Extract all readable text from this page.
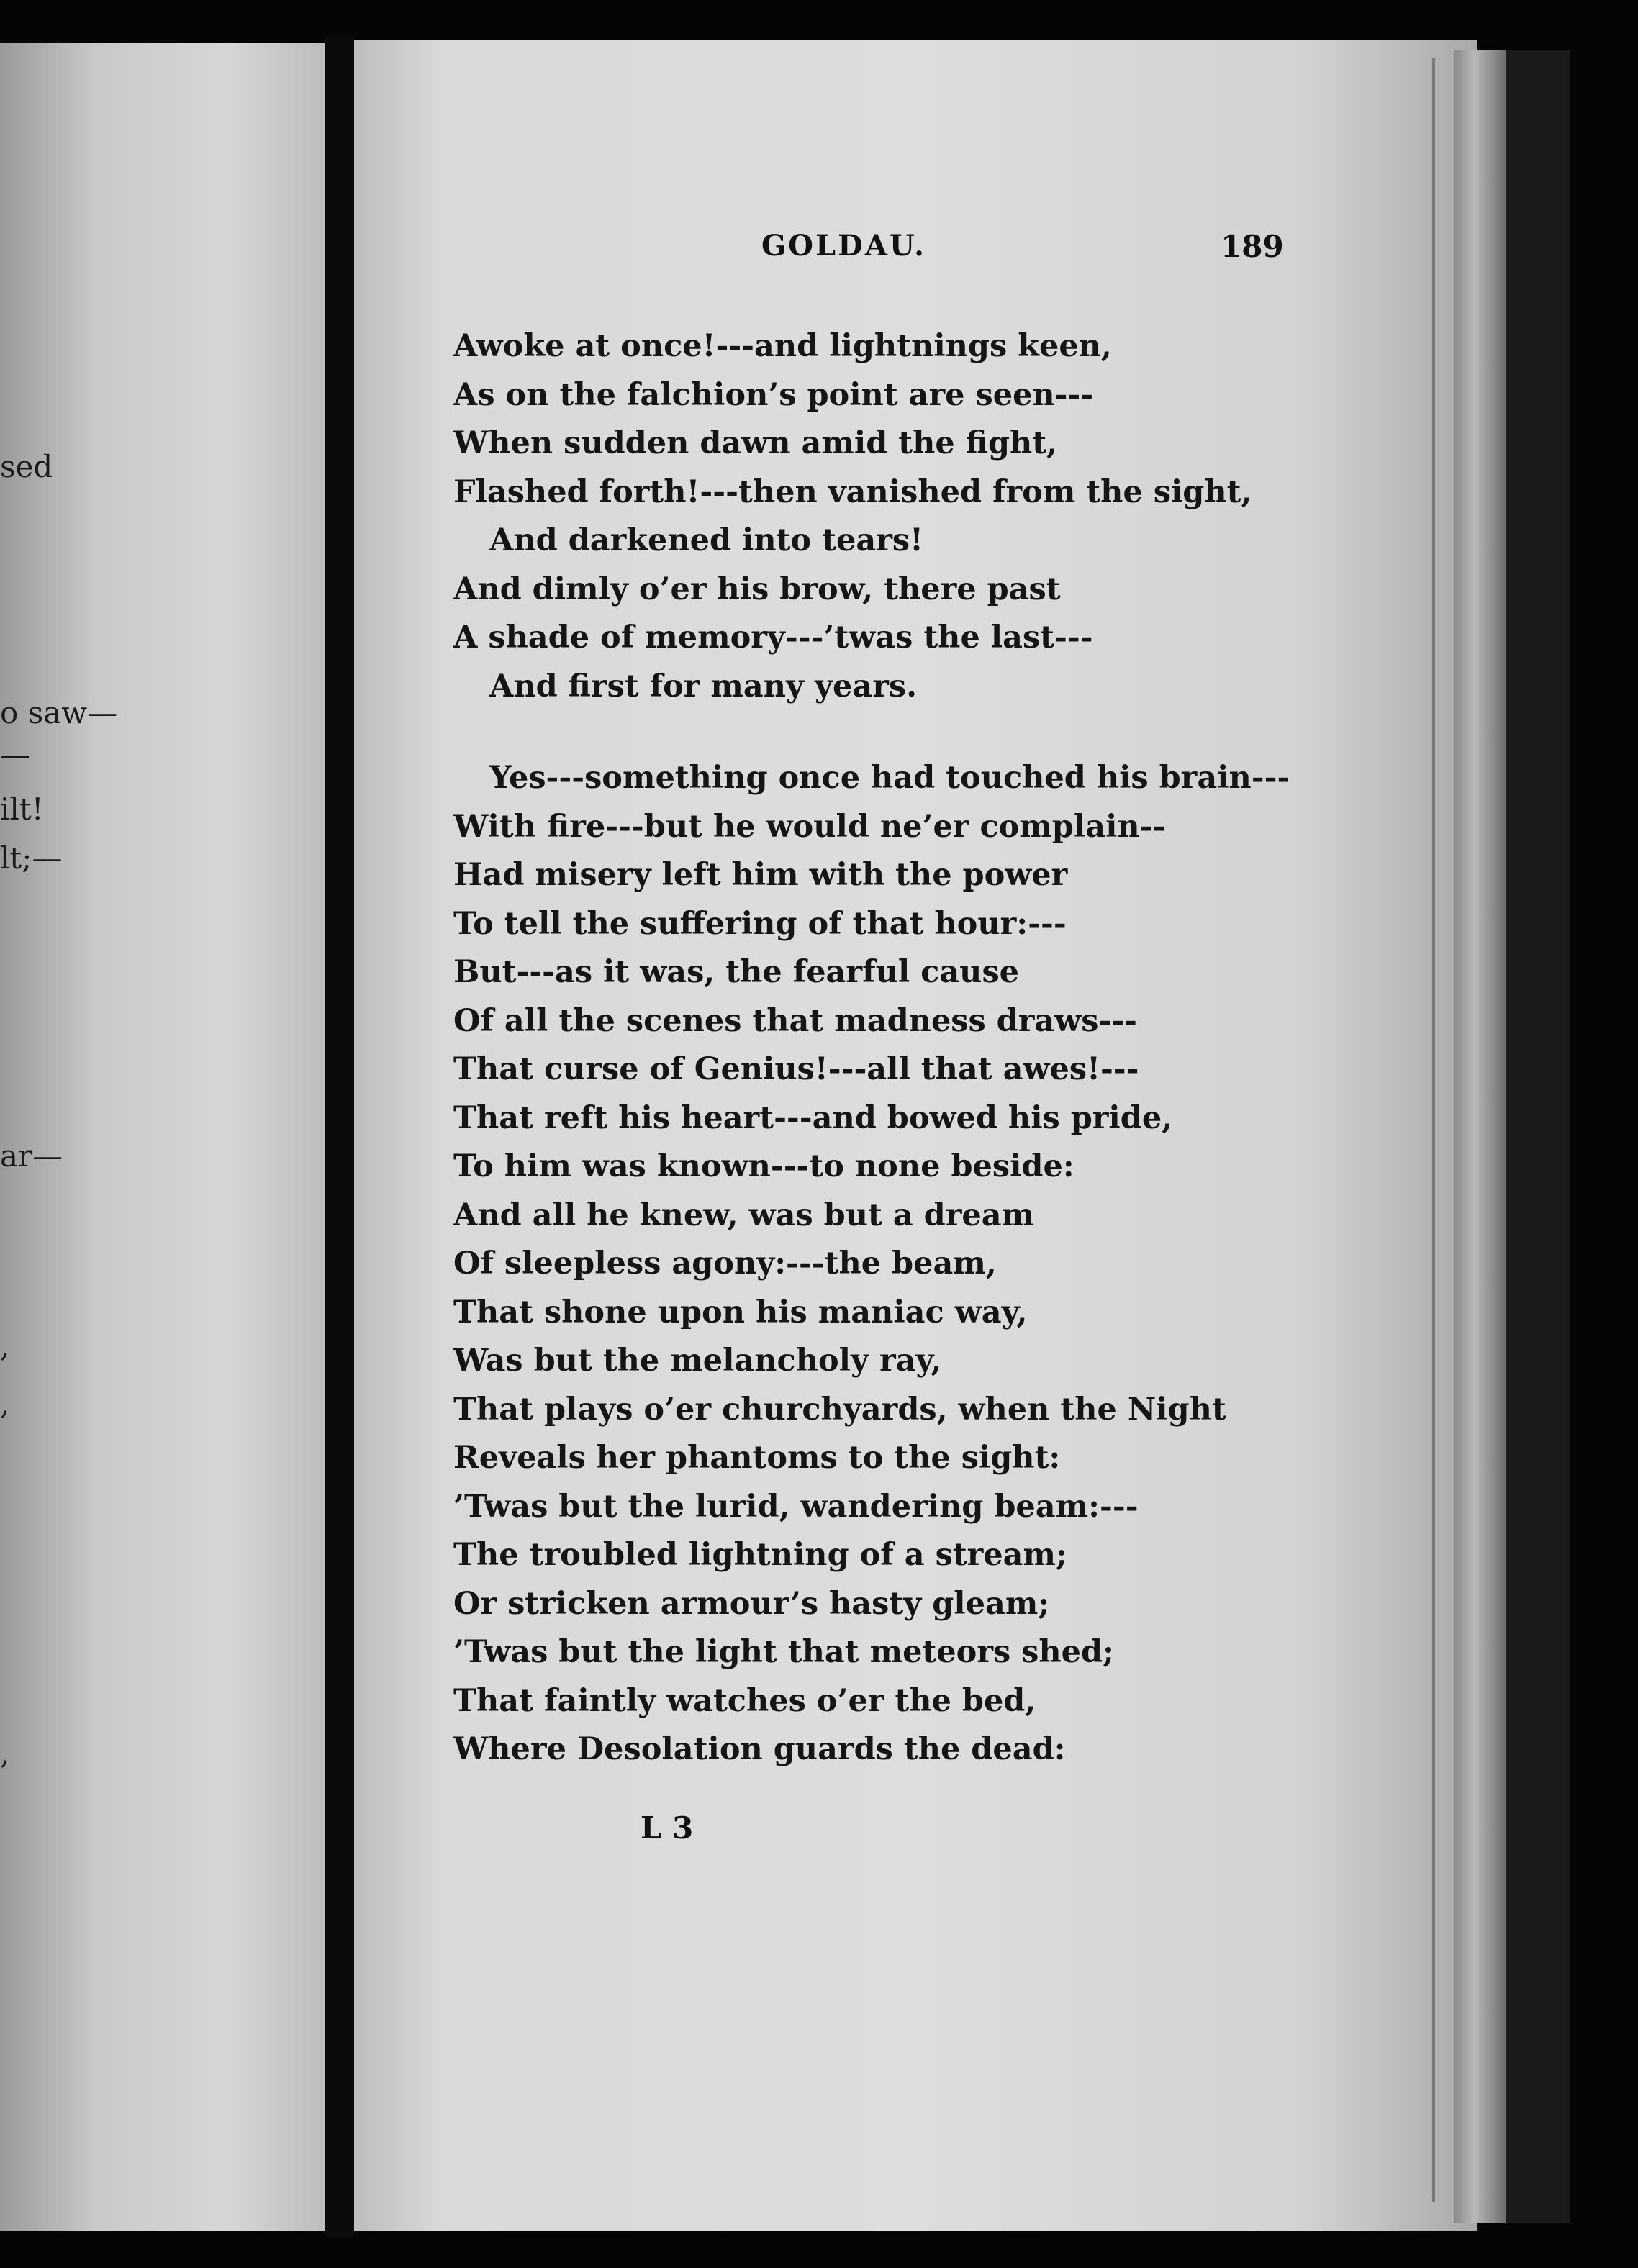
sed
o saw—
—
ilt!
lt;—
ar—
,
,
,
GOLDAU.	189
Awoke at once!---and lightnings keen,
As on the falchion’s point are seen---
When sudden dawn amid the fight,
Flashed forth!---then vanished from the sight,
And darkened into tears!
And dimly o’er his brow, there past
A shade of memory---’twas the last---
And first for many years.
Yes---something once had touched his brain---
With fire---but he would ne’er complain--
Had misery left him with the power
To tell the suffering of that hour:---
But---as it was, the fearful cause
Of all the scenes that madness draws---
That curse of Genius!---all that awes!---
That reft his heart---and bowed his pride,
To him was known---to none beside:
And all he knew, was but a dream
Of sleepless agony:---the beam,
That shone upon his maniac way,
Was but the melancholy ray,
That plays o’er churchyards, when the Night
Reveals her phantoms to the sight:
’Twas but the lurid, wandering beam:---
The troubled lightning of a stream;
Or stricken armour’s hasty gleam;
’Twas but the light that meteors shed;
That faintly watches o’er the bed,
Where Desolation guards the dead:
L 3
